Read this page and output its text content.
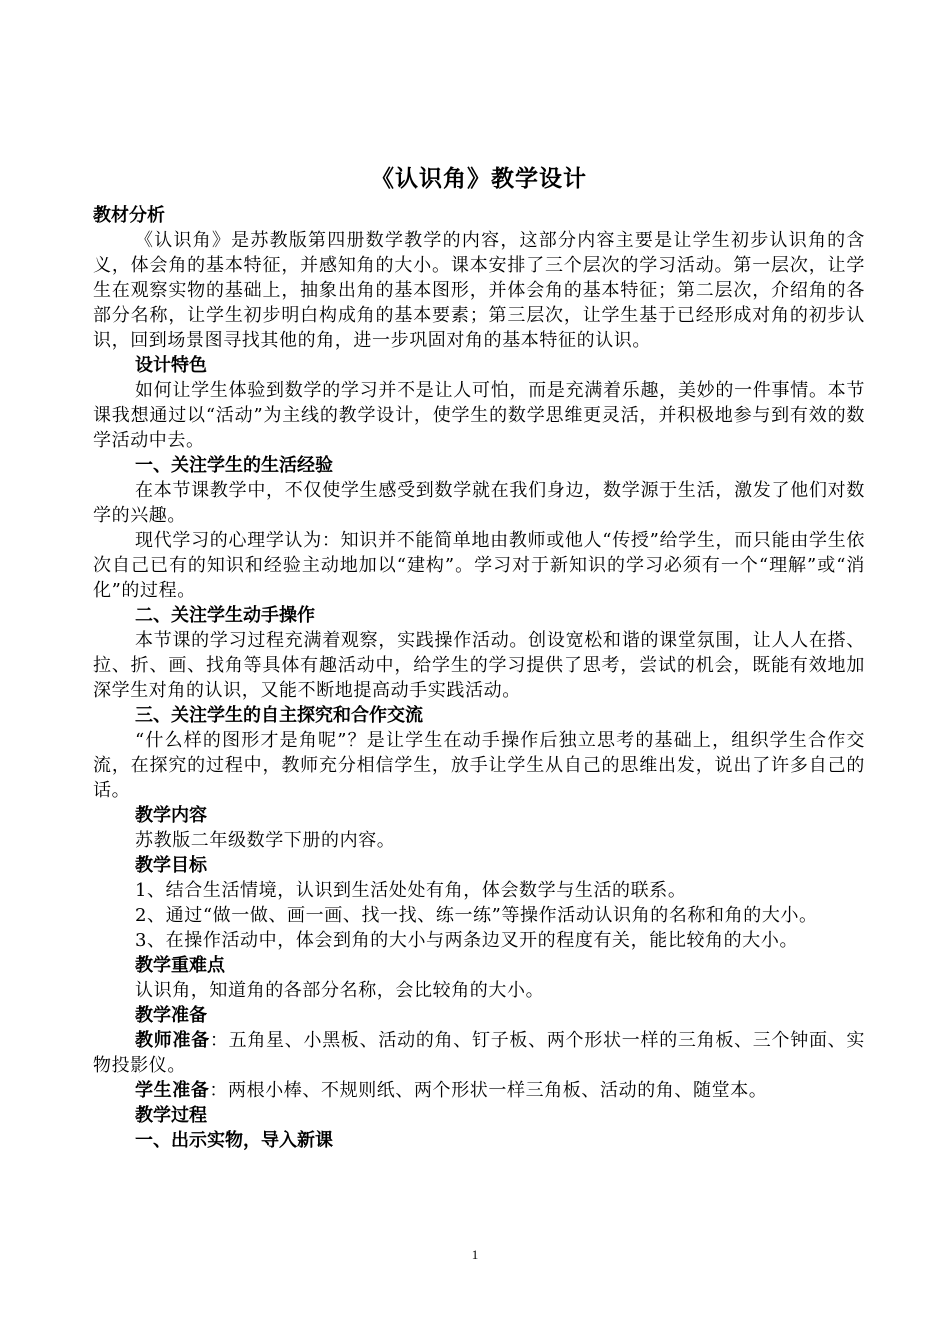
《认识角》教学设计
教材分析

《认识角》是苏教版第四册数学教学的内容，这部分内容主要是让学生初步认识角的含义，体会角的基本特征，并感知角的大小。课本安排了三个层次的学习活动。第一层次，让学生在观察实物的基础上，抽象出角的基本图形，并体会角的基本特征；第二层次，介绍角的各部分名称，让学生初步明白构成角的基本要素；第三层次，让学生基于已经形成对角的初步认识，回到场景图寻找其他的角，进一步巩固对角的基本特征的认识。

设计特色

如何让学生体验到数学的学习并不是让人可怕，而是充满着乐趣，美妙的一件事情。本节课我想通过以“活动”为主线的教学设计，使学生的数学思维更灵活，并积极地参与到有效的数学活动中去。

一、关注学生的生活经验

在本节课教学中，不仅使学生感受到数学就在我们身边，数学源于生活，激发了他们对数学的兴趣。

现代学习的心理学认为：知识并不能简单地由教师或他人“传授”给学生，而只能由学生依次自己已有的知识和经验主动地加以“建构”。学习对于新知识的学习必须有一个“理解”或“消化”的过程。

二、关注学生动手操作

本节课的学习过程充满着观察，实践操作活动。创设宽松和谐的课堂氛围，让人人在搭、拉、折、画、找角等具体有趣活动中，给学生的学习提供了思考，尝试的机会，既能有效地加深学生对角的认识，又能不断地提高动手实践活动。

三、关注学生的自主探究和合作交流

“什么样的图形才是角呢”？是让学生在动手操作后独立思考的基础上，组织学生合作交流，在探究的过程中，教师充分相信学生，放手让学生从自己的思维出发，说出了许多自己的话。

教学内容

苏教版二年级数学下册的内容。

教学目标

1、结合生活情境，认识到生活处处有角，体会数学与生活的联系。

2、通过“做一做、画一画、找一找、练一练”等操作活动认识角的名称和角的大小。

3、在操作活动中，体会到角的大小与两条边叉开的程度有关，能比较角的大小。

教学重难点

认识角，知道角的各部分名称，会比较角的大小。

教学准备

教师准备：五角星、小黑板、活动的角、钉子板、两个形状一样的三角板、三个钟面、实物投影仪。

学生准备：两根小棒、不规则纸、两个形状一样三角板、活动的角、随堂本。

教学过程
一、出示实物，导入新课
1
